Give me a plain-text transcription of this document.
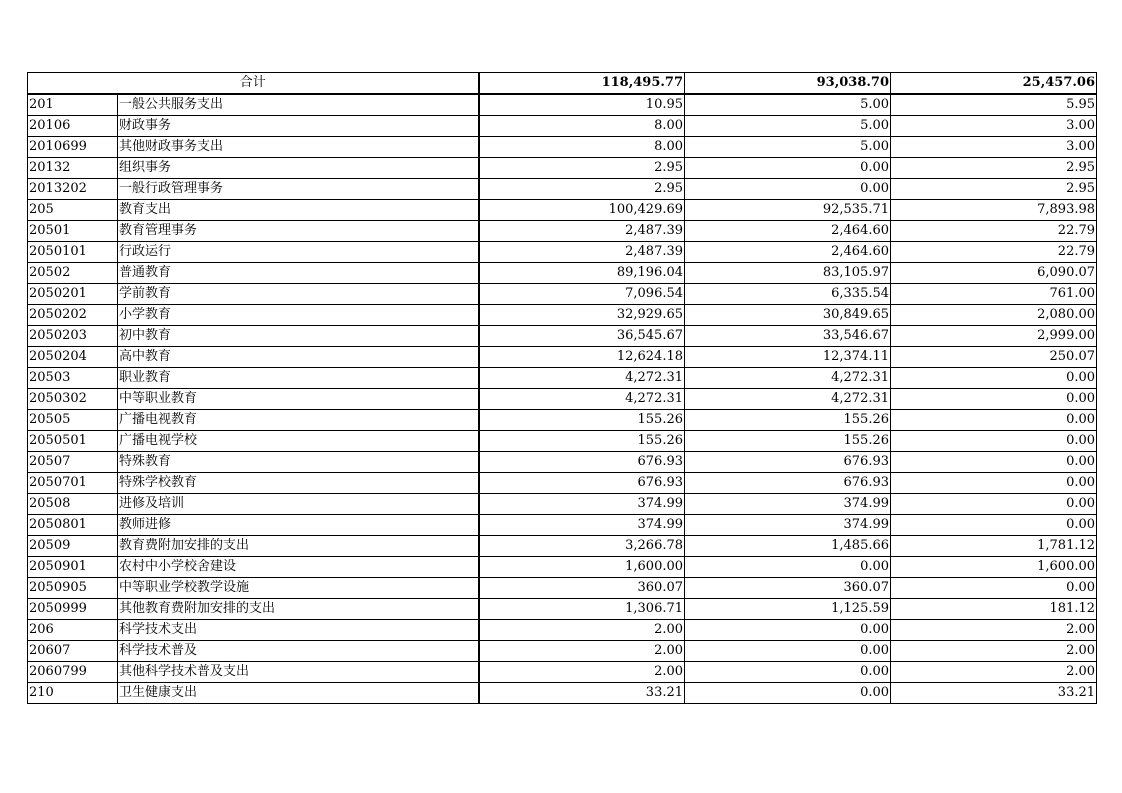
合计		118,495.77	93,038.70	25,457.06
201	一般公共服务支出	10.95	5.00	5.95
20106	财政事务	8.00	5.00	3.00
2010699	其他财政事务支出	8.00	5.00	3.00
20132	组织事务	2.95	0.00	2.95
2013202	一般行政管理事务	2.95	0.00	2.95
205	教育支出	100,429.69	92,535.71	7,893.98
20501	教育管理事务	2,487.39	2,464.60	22.79
2050101	行政运行	2,487.39	2,464.60	22.79
20502	普通教育	89,196.04	83,105.97	6,090.07
2050201	学前教育	7,096.54	6,335.54	761.00
2050202	小学教育	32,929.65	30,849.65	2,080.00
2050203	初中教育	36,545.67	33,546.67	2,999.00
2050204	高中教育	12,624.18	12,374.11	250.07
20503	职业教育	4,272.31	4,272.31	0.00
2050302	中等职业教育	4,272.31	4,272.31	0.00
20505	广播电视教育	155.26	155.26	0.00
2050501	广播电视学校	155.26	155.26	0.00
20507	特殊教育	676.93	676.93	0.00
2050701	特殊学校教育	676.93	676.93	0.00
20508	进修及培训	374.99	374.99	0.00
2050801	教师进修	374.99	374.99	0.00
20509	教育费附加安排的支出	3,266.78	1,485.66	1,781.12
2050901	农村中小学校舍建设	1,600.00	0.00	1,600.00
2050905	中等职业学校教学设施	360.07	360.07	0.00
2050999	其他教育费附加安排的支出	1,306.71	1,125.59	181.12
206	科学技术支出	2.00	0.00	2.00
20607	科学技术普及	2.00	0.00	2.00
2060799	其他科学技术普及支出	2.00	0.00	2.00
210	卫生健康支出	33.21	0.00	33.21
